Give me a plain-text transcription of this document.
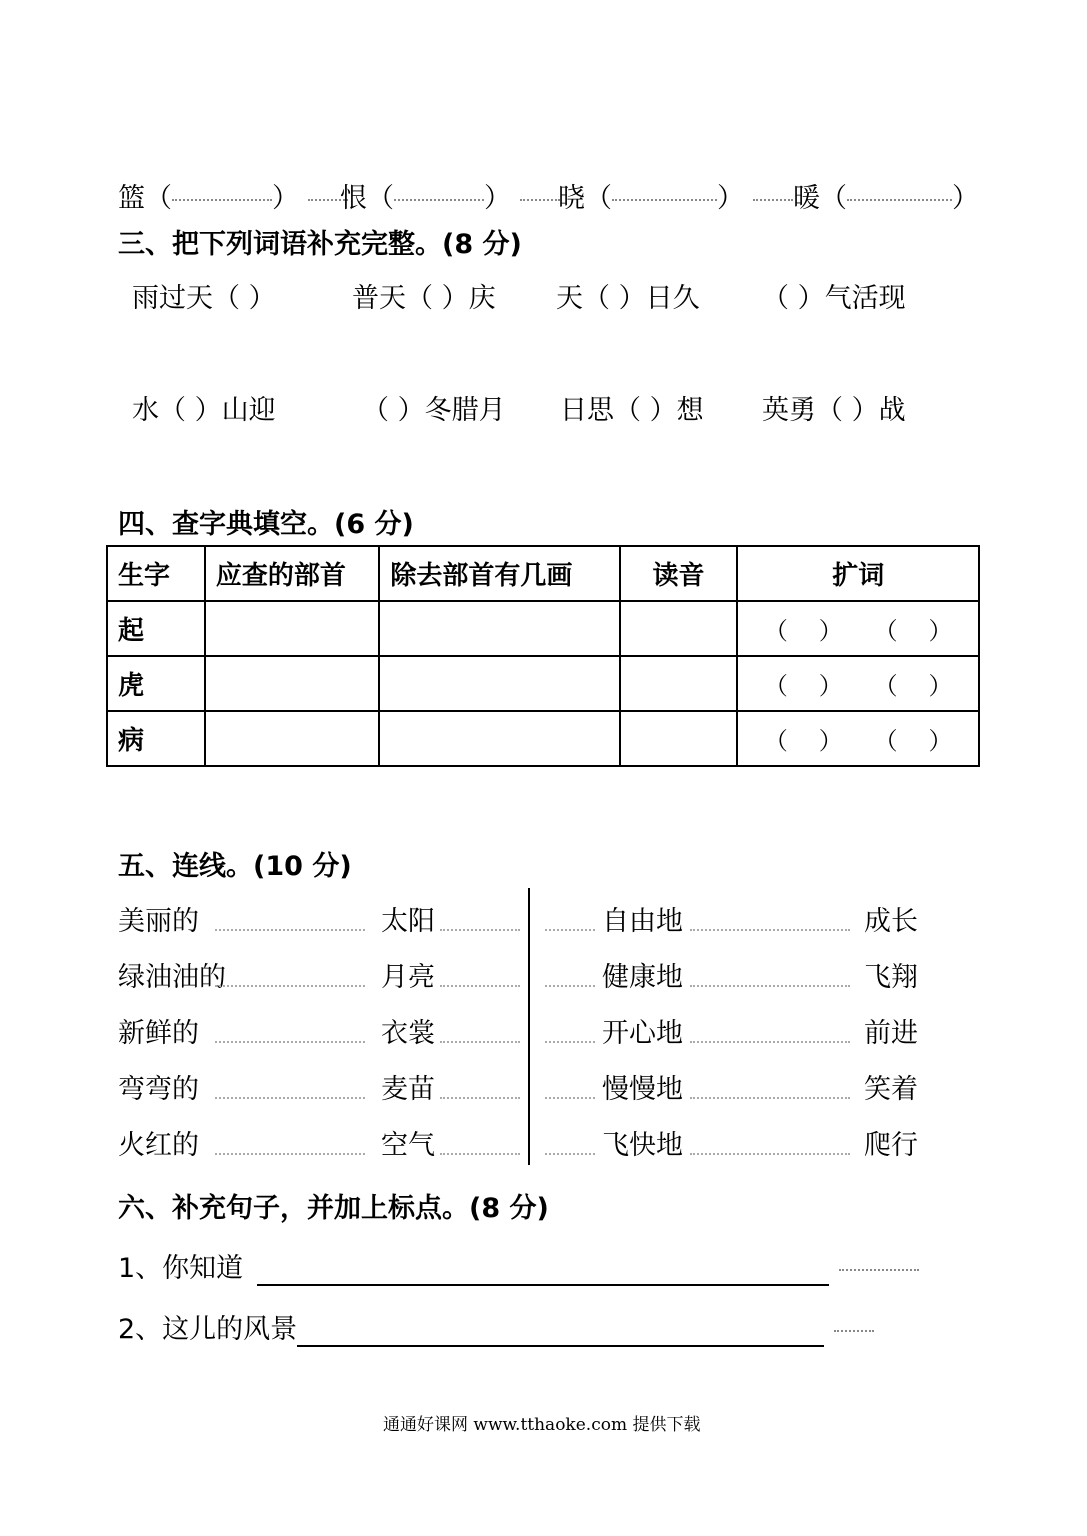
篮（	）	恨（	）	晓（	）	暖（	）
三、把下列词语补充完整。(8 分)
雨过天（ ）	普天（ ）庆 天（ ）日久 （ ）气活现
水（ ）山迎	（ ）冬腊月 日思（ ）想 英勇（ ）战
四、查字典填空。(6 分)
生字	应查的部首	除去部首有几画	读音	扩词
起				（ ） （ ）

虎				（ ） （ ）

病				（ ） （ ）
五、连线。(10 分)
美丽的	太阳	自由地	成长
绿油油的	月亮	健康地	飞翔
新鲜的	衣裳	开心地	前进
弯弯的	麦苗	慢慢地	笑着
火红的	空气	飞快地	爬行
六、补充句子，并加上标点。(8 分)
1、你知道
2、这儿的风景
通通好课网 www.tthaoke.com 提供下载
